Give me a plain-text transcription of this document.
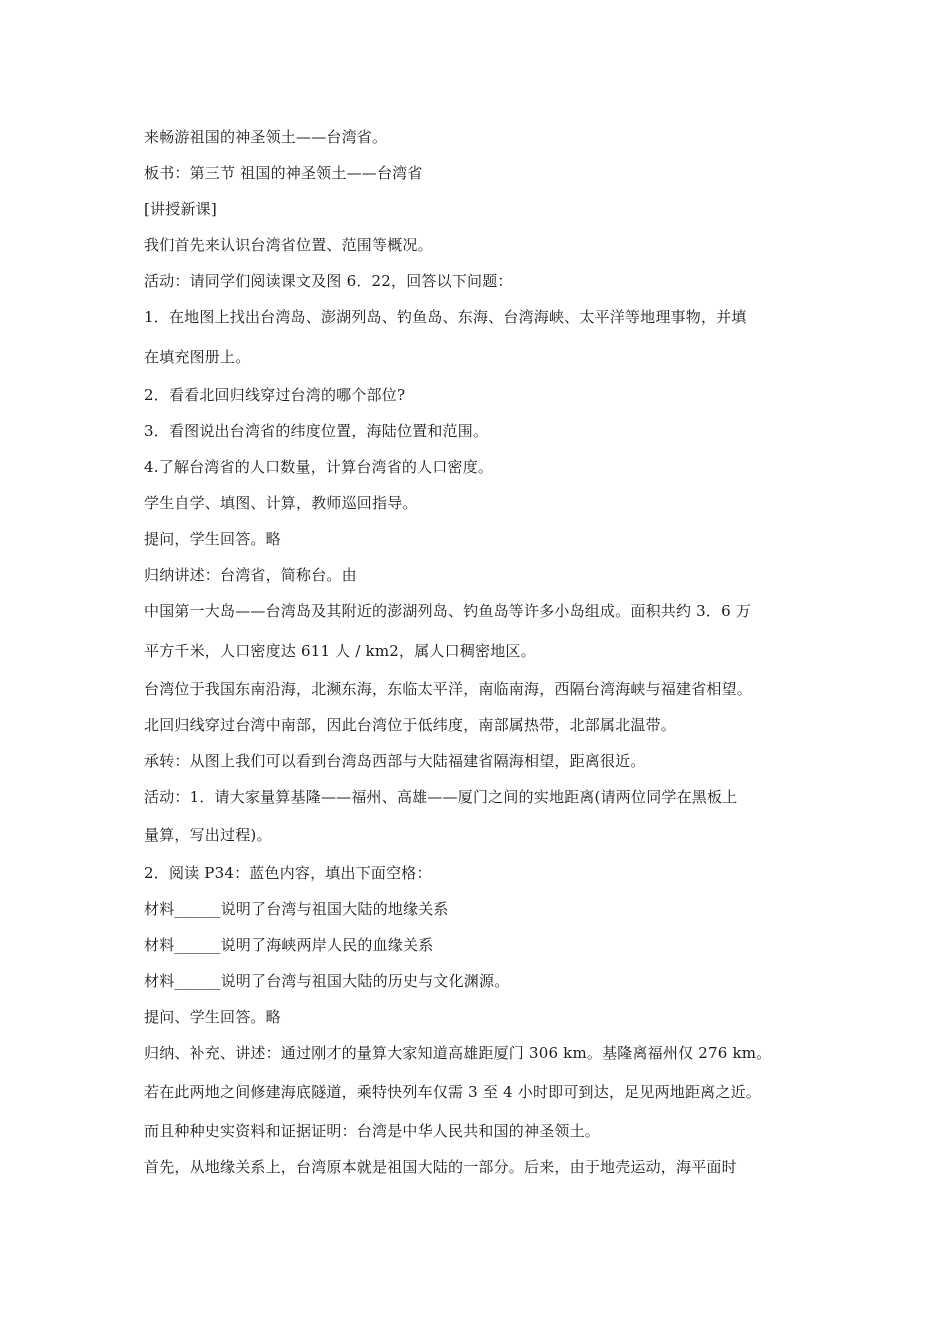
来畅游祖国的神圣领土——台湾省。
板书：第三节 祖国的神圣领土——台湾省
[讲授新课]
我们首先来认识台湾省位置、范围等概况。
活动：请同学们阅读课文及图 6．22，回答以下问题：
1．在地图上找出台湾岛、澎湖列岛、钓鱼岛、东海、台湾海峡、太平洋等地理事物，并填
在填充图册上。
2．看看北回归线穿过台湾的哪个部位?
3．看图说出台湾省的纬度位置，海陆位置和范围。
4.了解台湾省的人口数量，计算台湾省的人口密度。
学生自学、填图、计算，教师巡回指导。
提问，学生回答。略
归纳讲述：台湾省，简称台。由
中国第一大岛——台湾岛及其附近的澎湖列岛、钓鱼岛等许多小岛组成。面积共约 3．6 万
平方千米，人口密度达 611 人 / km2，属人口稠密地区。
台湾位于我国东南沿海，北濒东海，东临太平洋，南临南海，西隔台湾海峡与福建省相望。
北回归线穿过台湾中南部，因此台湾位于低纬度，南部属热带，北部属北温带。
承转：从图上我们可以看到台湾岛西部与大陆福建省隔海相望，距离很近。
活动：1．请大家量算基隆——福州、高雄——厦门之间的实地距离(请两位同学在黑板上
量算，写出过程)。
2．阅读 P34：蓝色内容，填出下面空格：
材料______说明了台湾与祖国大陆的地缘关系
材料______说明了海峡两岸人民的血缘关系
材料______说明了台湾与祖国大陆的历史与文化渊源。
提问、学生回答。略
归纳、补充、讲述：通过刚才的量算大家知道高雄距厦门 306 km。基隆离福州仅 276 km。
若在此两地之间修建海底隧道，乘特快列车仅需 3 至 4 小时即可到达，足见两地距离之近。
而且种种史实资料和证据证明：台湾是中华人民共和国的神圣领土。
首先，从地缘关系上，台湾原本就是祖国大陆的一部分。后来，由于地壳运动，海平面时
